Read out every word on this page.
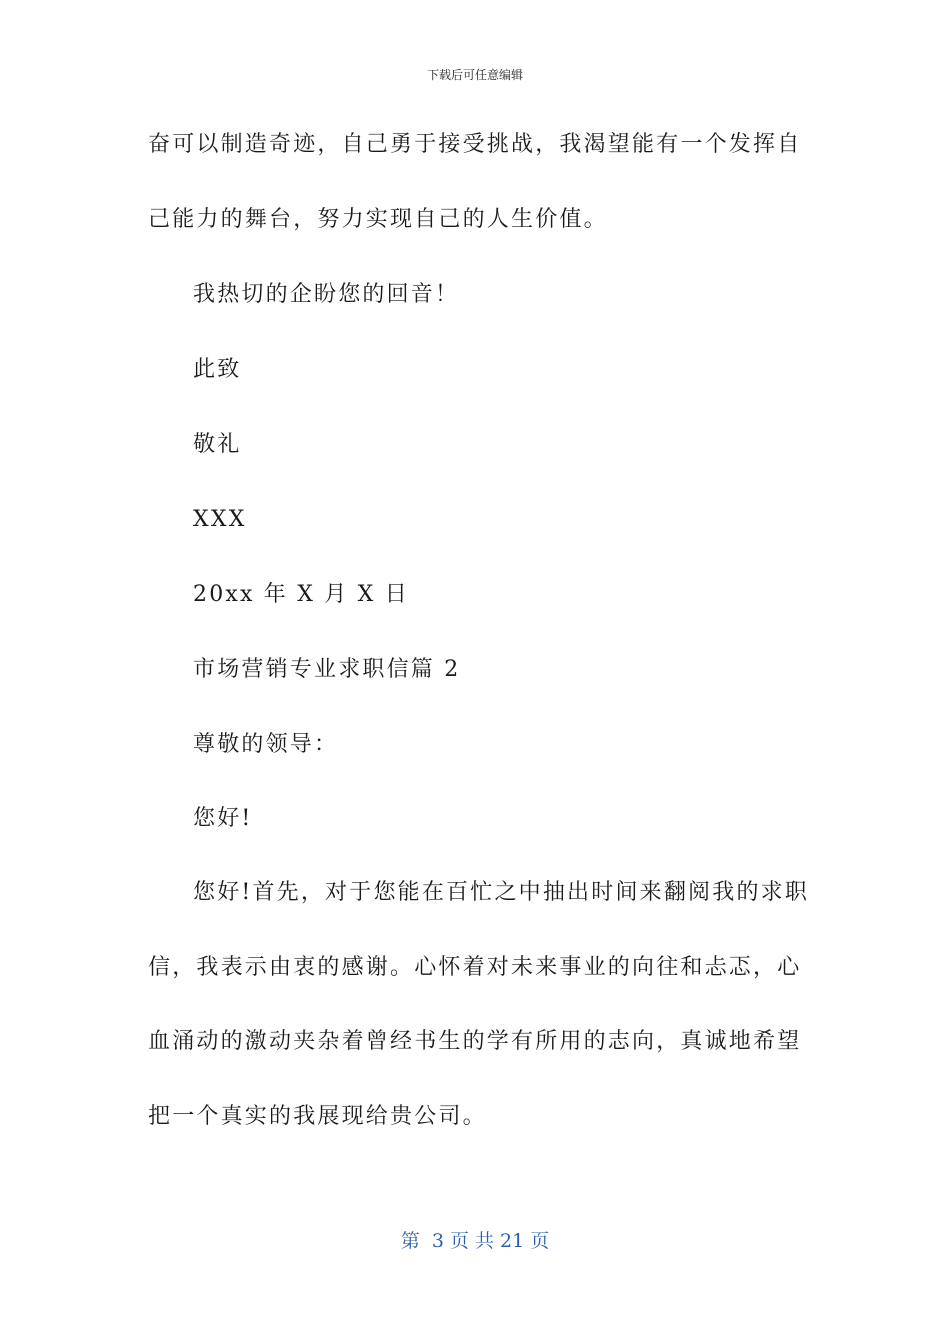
下载后可任意编辑
奋可以制造奇迹，自己勇于接受挑战，我渴望能有一个发挥自
己能力的舞台，努力实现自己的人生价值。
我热切的企盼您的回音！
此致
敬礼
XXX
20xx 年 X 月 X 日
市场营销专业求职信篇 2
尊敬的领导：
您好!
您好!首先，对于您能在百忙之中抽出时间来翻阅我的求职
信，我表示由衷的感谢。心怀着对未来事业的向往和忐忑，心
血涌动的激动夹杂着曾经书生的学有所用的志向，真诚地希望
把一个真实的我展现给贵公司。
第  3 页 共 21 页
